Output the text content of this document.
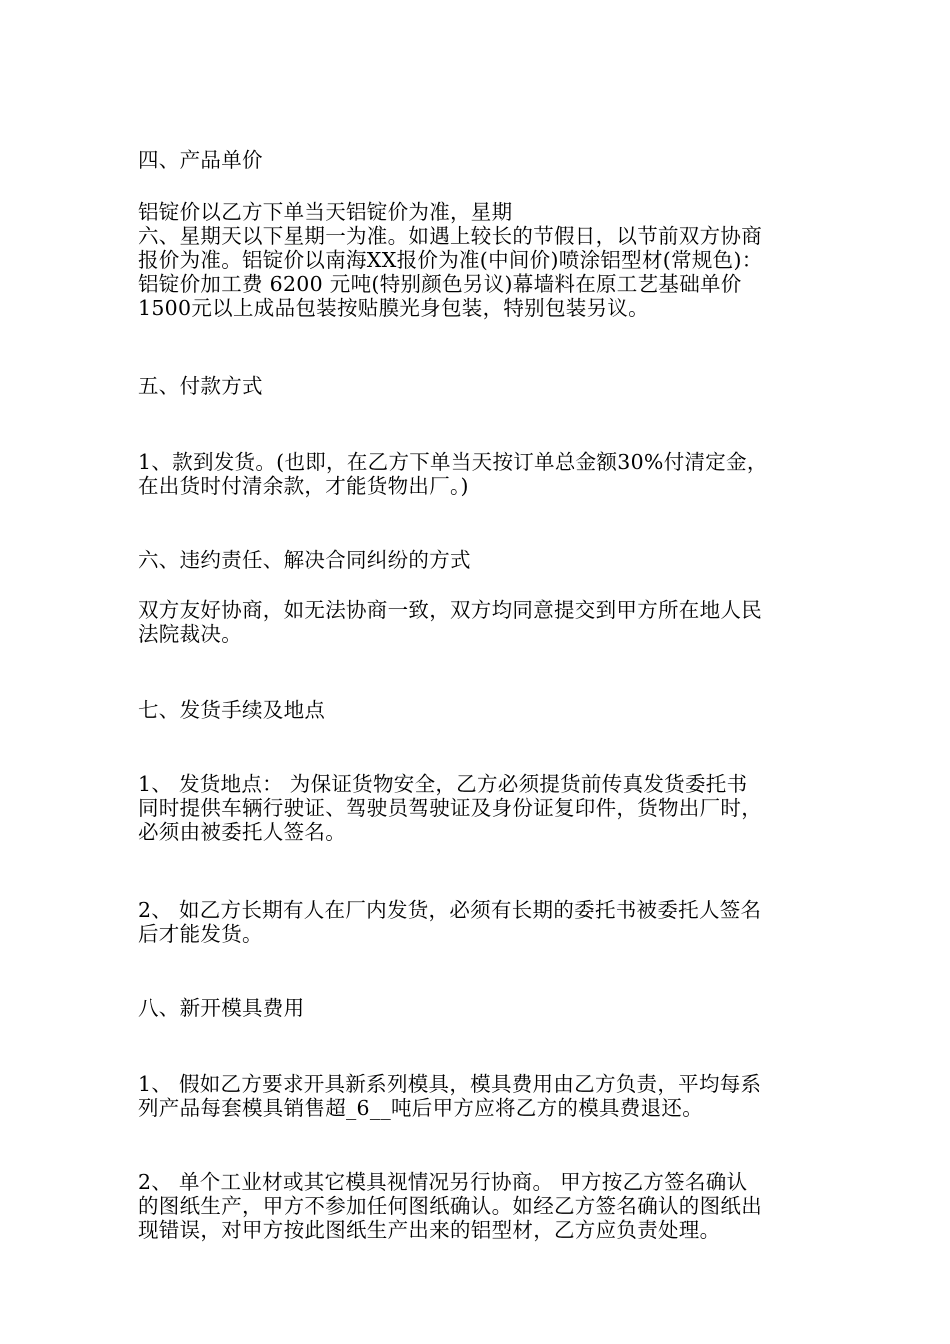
四、产品单价

铝锭价以乙方下单当天铝锭价为准，星期
六、星期天以下星期一为准。如遇上较长的节假日，以节前双方协商
报价为准。铝锭价以南海XX报价为准(中间价)喷涂铝型材(常规色)：
铝锭价加工费 6200 元吨(特别颜色另议)幕墙料在原工艺基础单价
1500元以上成品包装按贴膜光身包装，特别包装另议。

五、付款方式

1、款到发货。(也即，在乙方下单当天按订单总金额30%付清定金，
在出货时付清余款，才能货物出厂。)

六、违约责任、解决合同纠纷的方式

双方友好协商，如无法协商一致，双方均同意提交到甲方所在地人民
法院裁决。

七、发货手续及地点

1、 发货地点： 为保证货物安全，乙方必须提货前传真发货委托书
同时提供车辆行驶证、驾驶员驾驶证及身份证复印件，货物出厂时，
必须由被委托人签名。

2、 如乙方长期有人在厂内发货，必须有长期的委托书被委托人签名
后才能发货。

八、新开模具费用

1、 假如乙方要求开具新系列模具，模具费用由乙方负责，平均每系
列产品每套模具销售超_6__吨后甲方应将乙方的模具费退还。

2、 单个工业材或其它模具视情况另行协商。 甲方按乙方签名确认
的图纸生产，甲方不参加任何图纸确认。如经乙方签名确认的图纸出
现错误，对甲方按此图纸生产出来的铝型材，乙方应负责处理。
